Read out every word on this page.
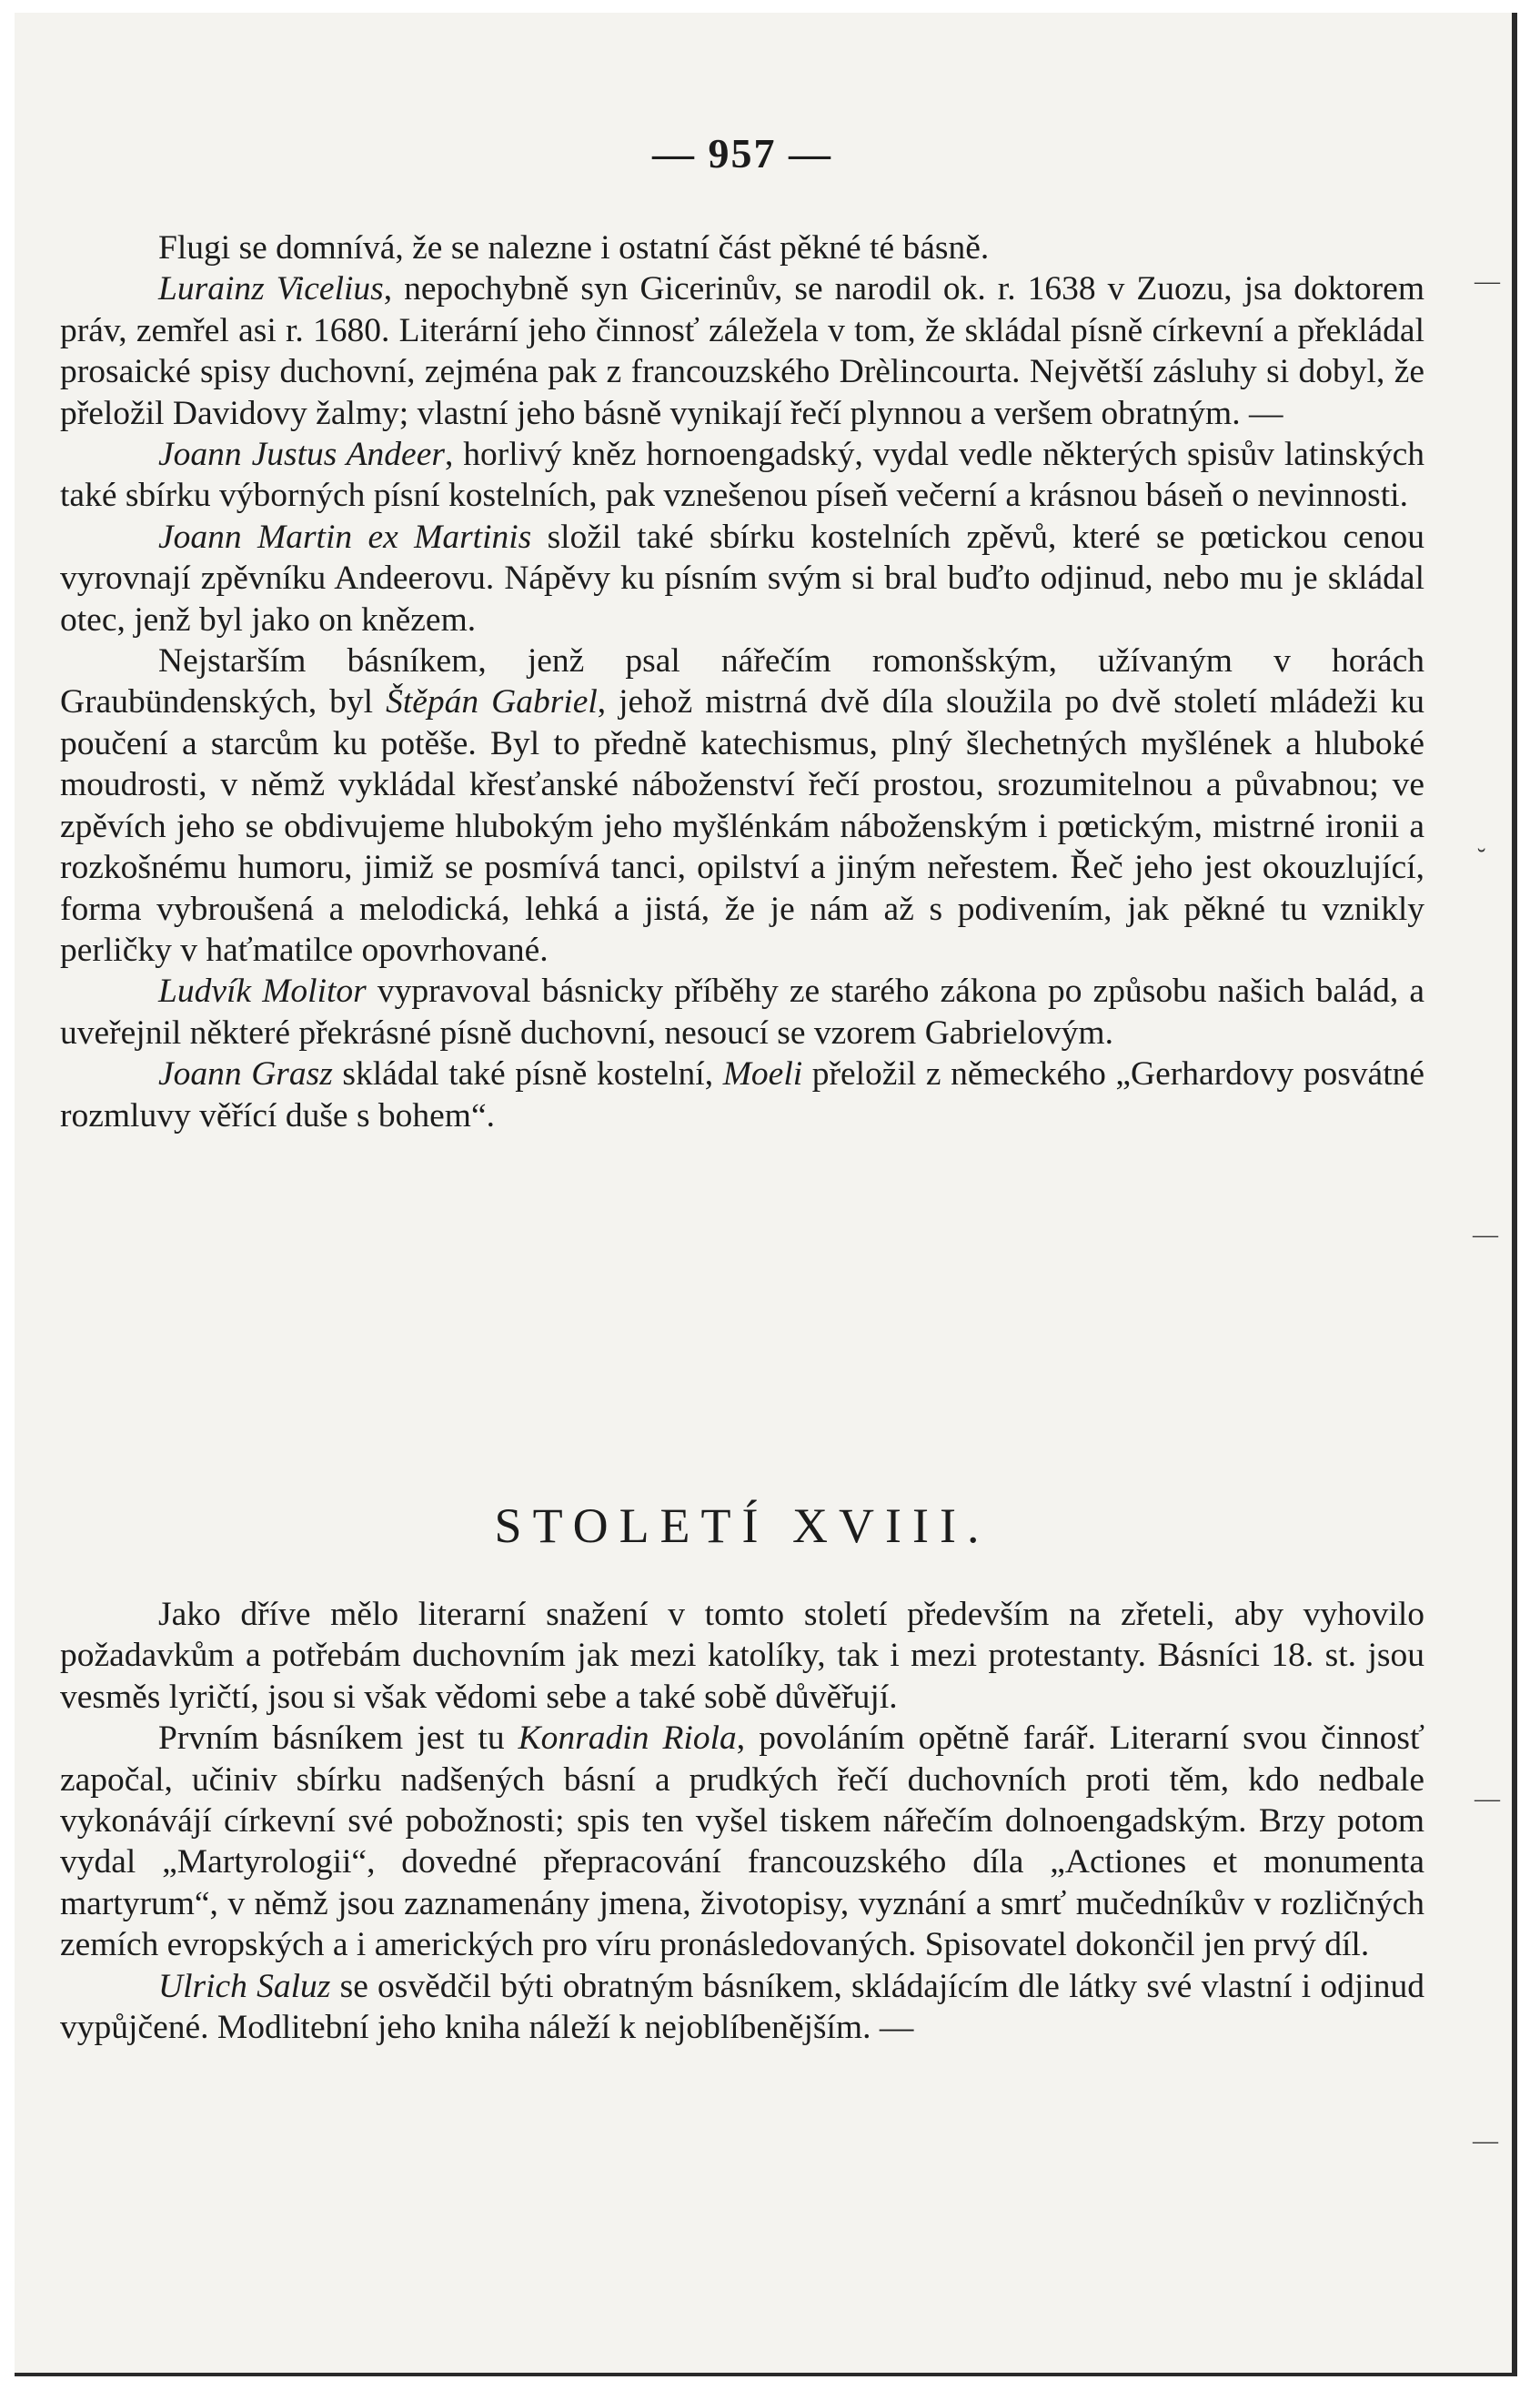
— 957 —

Flugi se domnívá, že se nalezne i ostatní část pěkné té básně.

Lurainz Vicelius, nepochybně syn Gicerinův, se narodil ok. r. 1638 v Zuozu, jsa doktorem práv, zemřel asi r. 1680. Literární jeho činnosť záležela v tom, že skládal písně církevní a překládal prosaické spisy duchovní, zejména pak z francouzského Drèlincourta. Největší zásluhy si dobyl, že přeložil Davidovy žalmy; vlastní jeho básně vynikají řečí plynnou a veršem obratným. —

Joann Justus Andeer, horlivý kněz hornoengadský, vydal vedle některých spisův latinských také sbírku výborných písní kostelních, pak vznešenou píseň večerní a krásnou báseň o nevinnosti.

Joann Martin ex Martinis složil také sbírku kostelních zpěvů, které se pœtickou cenou vyrovnají zpěvníku Andeerovu. Nápěvy ku písním svým si bral buďto odjinud, nebo mu je skládal otec, jenž byl jako on knězem.

Nejstarším básníkem, jenž psal nářečím romonšským, užívaným v horách Graubündenských, byl Štěpán Gabriel, jehož mistrná dvě díla sloužila po dvě století mládeži ku poučení a starcům ku potěše. Byl to předně katechismus, plný šlechetných myšlének a hluboké moudrosti, v němž vykládal křesťanské náboženství řečí prostou, srozumitelnou a půvabnou; ve zpěvích jeho se obdivujeme hlubokým jeho myšlénkám náboženským i pœtickým, mistrné ironii a rozkošnému humoru, jimiž se posmívá tanci, opilství a jiným neřestem. Řeč jeho jest okouzlující, forma vybroušená a melodická, lehká a jistá, že je nám až s podivením, jak pěkné tu vznikly perličky v haťmatilce opovrhované.

Ludvík Molitor vypravoval básnicky příběhy ze starého zákona po způsobu našich balád, a uveřejnil některé překrásné písně duchovní, nesoucí se vzorem Gabrielovým.

Joann Grasz skládal také písně kostelní, Moeli přeložil z německého „Gerhardovy posvátné rozmluvy věřící duše s bohem“.

STOLETÍ XVIII.

Jako dříve mělo literarní snažení v tomto století především na zřeteli, aby vyhovilo požadavkům a potřebám duchovním jak mezi katolíky, tak i mezi protestanty. Básníci 18. st. jsou vesměs lyričtí, jsou si však vědomi sebe a také sobě důvěřují.

Prvním básníkem jest tu Konradin Riola, povoláním opětně farář. Literarní svou činnosť započal, učiniv sbírku nadšených básní a prudkých řečí duchovních proti těm, kdo nedbale vykonávájí církevní své pobožnosti; spis ten vyšel tiskem nářečím dolnoengadským. Brzy potom vydal „Martyrologii“, dovedné přepracování francouzského díla „Actiones et monumenta martyrum“, v němž jsou zaznamenány jmena, životopisy, vyznání a smrť mučedníkův v rozličných zemích evropských a i amerických pro víru pronásledovaných. Spisovatel dokončil jen prvý díl.

Ulrich Saluz se osvědčil býti obratným básníkem, skládajícím dle látky své vlastní i odjinud vypůjčené. Modlitební jeho kniha náleží k nejoblíbenějším. —

—
˘
—
—
—
